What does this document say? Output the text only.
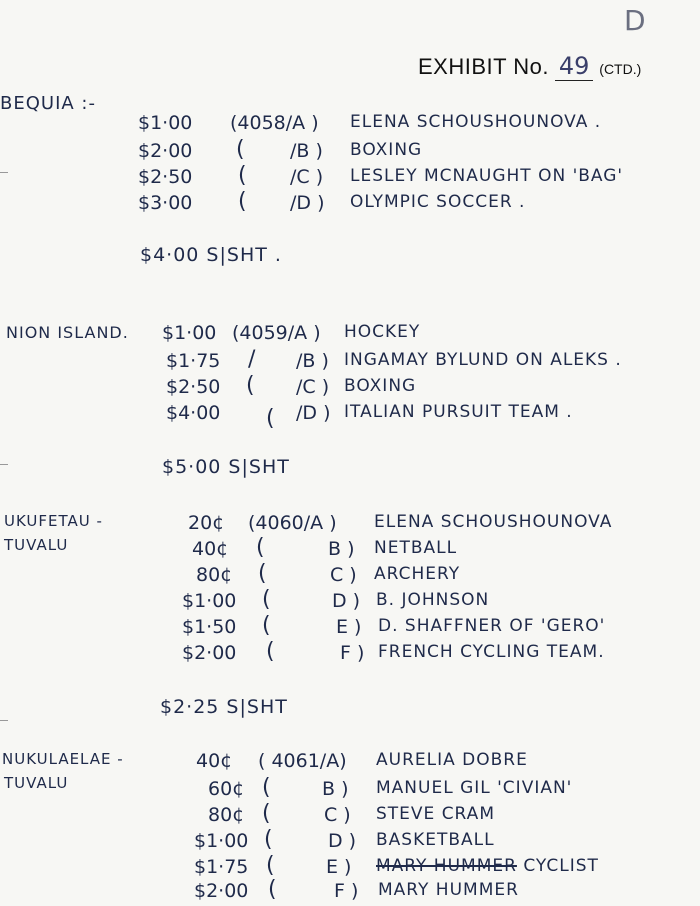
D
EXHIBIT No. 49 (CTD.)
BEQUIA :-
$1·00 (4058/A ) ELENA SCHOUSHOUNOVA .
$2·00 ( /B ) BOXING
$2·50 ( /C ) LESLEY MCNAUGHT ON 'BAG'
$3·00 ( /D ) OLYMPIC SOCCER .
$4·00 S|SHT .
NION ISLAND. $1·00 (4059/A ) HOCKEY
$1·75 / /B ) INGAMAY BYLUND ON ALEKS .
$2·50 ( /C ) BOXING
$4·00 ( /D ) ITALIAN PURSUIT TEAM .
$5·00 S|SHT
UKUFETAU -
TUVALU
20¢ (4060/A ) ELENA SCHOUSHOUNOVA
40¢ (	B ) NETBALL
80¢ (	C ) ARCHERY
$1·00 (	D ) B. JOHNSON
$1·50 (	E ) D. SHAFFNER OF 'GERO'
$2·00 (	F ) FRENCH CYCLING TEAM.
$2·25 S|SHT
NUKULAELAE -
TUVALU
40¢ ( 4061/A) AURELIA DOBRE
60¢ (	B ) MANUEL GIL 'CIVIAN'
80¢ (	C ) STEVE CRAM
$1·00 (	D ) BASKETBALL
$1·75 (	E ) MARY HUMMER CYCLIST
$2·00 (	F ) MARY HUMMER
